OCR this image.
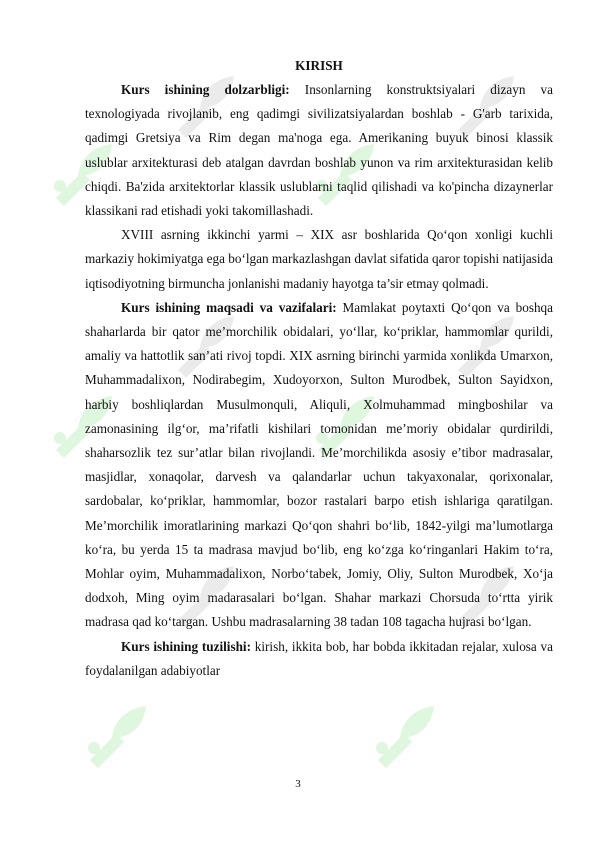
KIRISH

Kurs ishining dolzarbligi: Insonlarning konstruktsiyalari dizayn va texnologiyada rivojlanib, eng qadimgi sivilizatsiyalardan boshlab - G'arb tarixida, qadimgi Gretsiya va Rim degan ma'noga ega. Amerikaning buyuk binosi klassik uslublar arxitekturasi deb atalgan davrdan boshlab yunon va rim arxitekturasidan kelib chiqdi. Ba'zida arxitektorlar klassik uslublarni taqlid qilishadi va ko'pincha dizaynerlar klassikani rad etishadi yoki takomillashadi.

XVIII asrning ikkinchi yarmi – XIX asr boshlarida Qo‘qon xonligi kuchli markaziy hokimiyatga ega bo‘lgan markazlashgan davlat sifatida qaror topishi natijasida iqtisodiyotning birmuncha jonlanishi madaniy hayotga ta’sir etmay qolmadi.

Kurs ishining maqsadi va vazifalari: Mamlakat poytaxti Qo‘qon va boshqa shaharlarda bir qator me’morchilik obidalari, yo‘llar, ko‘priklar, hammomlar qurildi, amaliy va hattotlik san’ati rivoj topdi. XIX asrning birinchi yarmida xonlikda Umarxon, Muhammadalixon, Nodirabegim, Xudoyorxon, Sulton Murodbek, Sulton Sayidxon, harbiy boshliqlardan Musulmonquli, Aliquli, Xolmuhammad mingboshilar va zamonasining ilg‘or, ma’rifatli kishilari tomonidan me’moriy obidalar qurdirildi, shaharsozlik tez sur’atlar bilan rivojlandi. Me’morchilikda asosiy e’tibor madrasalar, masjidlar, xonaqolar, darvesh va qalandarlar uchun takyaxonalar, qorixonalar, sardobalar, ko‘priklar, hammomlar, bozor rastalari barpo etish ishlariga qaratilgan. Me’morchilik imoratlarining markazi Qo‘qon shahri bo‘lib, 1842-yilgi ma’lumotlarga ko‘ra, bu yerda 15 ta madrasa mavjud bo‘lib, eng ko‘zga ko‘ringanlari Hakim to‘ra, Mohlar oyim, Muhammadalixon, Norbo‘tabek, Jomiy, Oliy, Sulton Murodbek, Xo‘ja dodxoh, Ming oyim madarasalari bo‘lgan. Shahar markazi Chorsuda to‘rtta yirik madrasa qad ko‘targan. Ushbu madrasalarning 38 tadan 108 tagacha hujrasi bo‘lgan.

Kurs ishining tuzilishi: kirish, ikkita bob, har bobda ikkitadan rejalar, xulosa va foydalanilgan adabiyotlar

3
